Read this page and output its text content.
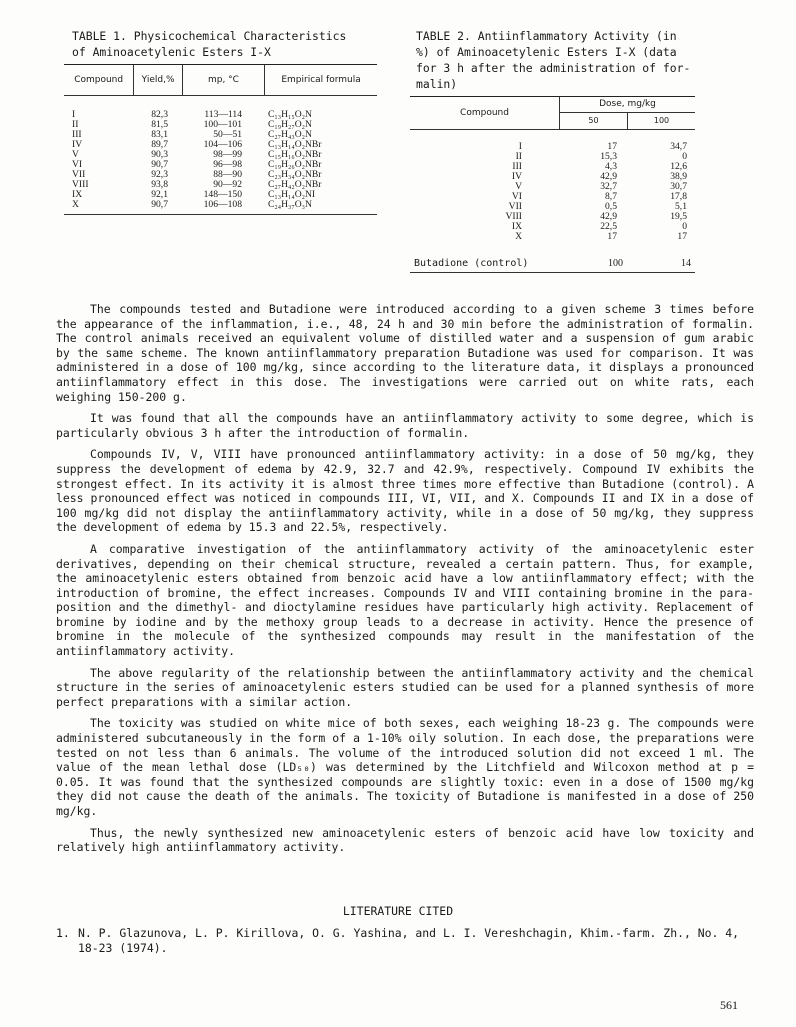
TABLE 1. Physicochemical Characteristics
of Aminoacetylenic Esters I-X
Compound	Yield,%	mp, °C	Empirical formula
I	82,3	113—114	C₁₃H₁₅O₂N
II	81,5	100—101	C₁₉H₂₇O₂N
III	83,1	50—51	C₂₇H₄₃O₂N
IV	89,7	104—106	C₁₃H₁₄O₂NBr
V	90,3	98—99	C₁₅H₁₆O₂NBr
VI	90,7	96—98	C₁₉H₂₆O₂NBr
VII	92,3	88—90	C₂₃H₃₄O₂NBr
VIII	93,8	90—92	C₂₇H₄₂O₂NBr
IX	92,1	148—150	C₁₃H₁₄O₂NI
X	90,7	106—108	C₂₄H₃₇O₃N
TABLE 2. Antiinflammatory Activity (in
%) of Aminoacetylenic Esters I-X (data
for 3 h after the administration of for-
malin)
Compound
Dose, mg/kg
50	100
I	17	34,7
II	15,3	0
III	4,3	12,6
IV	42,9	38,9
V	32,7	30,7
VI	8,7	17,8
VII	0,5	5,1
VIII	42,9	19,5
IX	22,5	0
X	17	17
Butadione (control)	100	14

The compounds tested and Butadione were introduced according to a given scheme 3 times before the appearance of the inflammation, i.e., 48, 24 h and 30 min before the administration of formalin. The control animals received an equivalent volume of distilled water and a suspension of gum arabic by the same scheme. The known antiinflammatory preparation Butadione was used for comparison. It was administered in a dose of 100 mg/kg, since according to the literature data, it displays a pronounced antiinflammatory effect in this dose. The investigations were carried out on white rats, each weighing 150-200 g.

It was found that all the compounds have an antiinflammatory activity to some degree, which is particularly obvious 3 h after the introduction of formalin.

Compounds IV, V, VIII have pronounced antiinflammatory activity: in a dose of 50 mg/kg, they suppress the development of edema by 42.9, 32.7 and 42.9%, respectively. Compound IV exhibits the strongest effect. In its activity it is almost three times more effective than Butadione (control). A less pronounced effect was noticed in compounds III, VI, VII, and X. Compounds II and IX in a dose of 100 mg/kg did not display the antiinflammatory activity, while in a dose of 50 mg/kg, they suppress the development of edema by 15.3 and 22.5%, respectively.

A comparative investigation of the antiinflammatory activity of the aminoacetylenic ester derivatives, depending on their chemical structure, revealed a certain pattern. Thus, for example, the aminoacetylenic esters obtained from benzoic acid have a low antiinflammatory effect; with the introduction of bromine, the effect increases. Compounds IV and VIII containing bromine in the para-position and the dimethyl- and dioctylamine residues have particularly high activity. Replacement of bromine by iodine and by the methoxy group leads to a decrease in activity. Hence the presence of bromine in the molecule of the synthesized compounds may result in the manifestation of the antiinflammatory activity.

The above regularity of the relationship between the antiinflammatory activity and the chemical structure in the series of aminoacetylenic esters studied can be used for a planned synthesis of more perfect preparations with a similar action.

The toxicity was studied on white mice of both sexes, each weighing 18-23 g. The compounds were administered subcutaneously in the form of a 1-10% oily solution. In each dose, the preparations were tested on not less than 6 animals. The volume of the introduced solution did not exceed 1 ml. The value of the mean lethal dose (LD₅₀) was determined by the Litchfield and Wilcoxon method at p = 0.05. It was found that the synthesized compounds are slightly toxic: even in a dose of 1500 mg/kg they did not cause the death of the animals. The toxicity of Butadione is manifested in a dose of 250 mg/kg.

Thus, the newly synthesized new aminoacetylenic esters of benzoic acid have low toxicity and relatively high antiinflammatory activity.

LITERATURE CITED
1. N. P. Glazunova, L. P. Kirillova, O. G. Yashina, and L. I. Vereshchagin, Khim.-farm. Zh., No. 4, 18-23 (1974).
561
